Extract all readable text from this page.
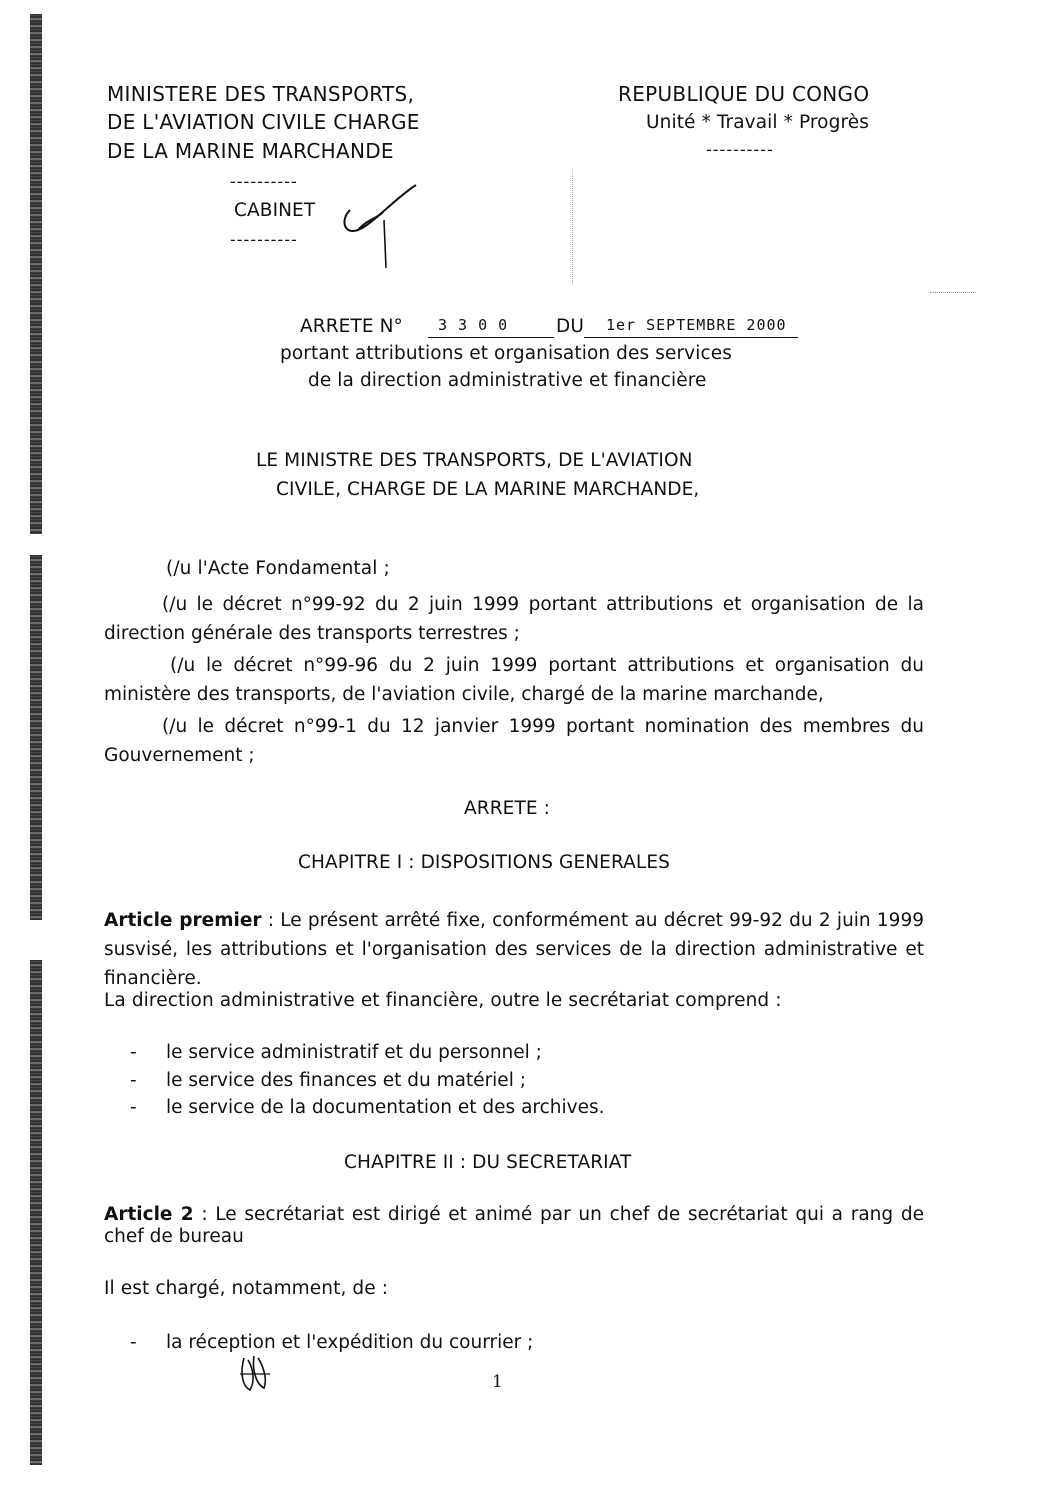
MINISTERE DES TRANSPORTS,
DE L'AVIATION CIVILE CHARGE
DE LA MARINE MARCHANDE
----------
CABINET
----------
REPUBLIQUE DU CONGO
Unité * Travail * Progrès
----------
ARRETE N° 3 3 0 0	DU 1er SEPTEMBRE 2000
portant attributions et organisation des services
de la direction administrative et financière
LE MINISTRE DES TRANSPORTS, DE L'AVIATION
CIVILE, CHARGE DE LA MARINE MARCHANDE,
(/u l'Acte Fondamental ;
(/u le décret n°99-92 du 2 juin 1999 portant attributions et organisation de la direction générale des transports terrestres ;
(/u le décret n°99-96 du 2 juin 1999 portant attributions et organisation du ministère des transports, de l'aviation civile, chargé de la marine marchande,
(/u le décret n°99-1 du 12 janvier 1999 portant nomination des membres du Gouvernement ;
ARRETE :
CHAPITRE I : DISPOSITIONS GENERALES
Article premier : Le présent arrêté fixe, conformément au décret 99-92 du 2 juin 1999 susvisé, les attributions et l'organisation des services de la direction administrative et financière.
La direction administrative et financière, outre le secrétariat comprend :
- le service administratif et du personnel ;
- le service des finances et du matériel ;
- le service de la documentation et des archives.
CHAPITRE II : DU SECRETARIAT
Article 2 : Le secrétariat est dirigé et animé par un chef de secrétariat qui a rang de chef de bureau
Il est chargé, notamment, de :
- la réception et l'expédition du courrier ;
1
